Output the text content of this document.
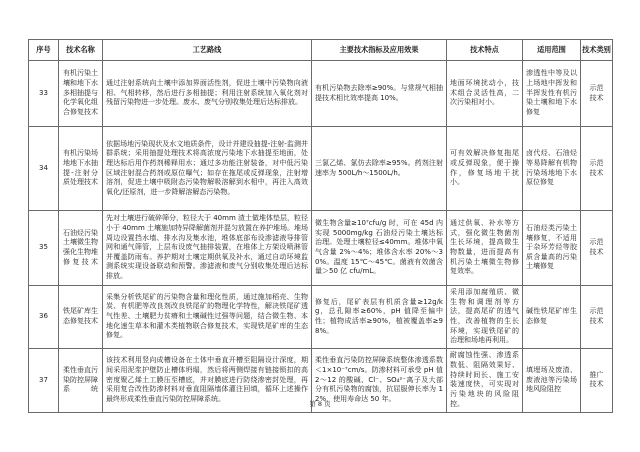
序号	技术名称	工艺路线	主要技术指标及应用效果	技术特点	适用范围	技术类别
33	有机污染土壤和地下水多相抽提与化学氧化组合修复技术	通过注射系统向土壤中添加界面活性剂，促进土壤中污染物向液相、气相转移，然后进行多相抽提；利用注射系统加入氧化剂对残留污染物进一步处理。废水、废气分别收集处理后达标排放。	有机污染物去除率≥90%。与常规气相抽提技术相比效率提高 10%。	地面环境扰动小，技术组合灵活性高，二次污染相对小。	渗透性中等及以上场地中挥发和半挥发性有机污染土壤和地下水修复	示范技术
34	有机污染场地地下水抽提-注射分质处理技术	依据场地污染现状及水文地质条件，设计并建设抽提-注射-监测井群系统；采用抽提处理技术将高浓度污染地下水抽提至地面，处理达标后用作药剂稀释用水；通过多功能注射装备，对中低污染区域注射混合药剂或原位曝气；如存在拖尾或反弹现象，注射增溶剂，促进土壤中吸附态污染物解吸溶解到水相中，再注入高效氧化/还原剂，进一步降解溶解态污染物。	三氯乙烯、氯仿去除率≥95%。药剂注射速率为 500L/h～1500L/h。	可有效解决修复拖尾或反弹现象，便于操作，修复场地干扰小。	卤代烃、石油烃等易降解有机物污染场地地下水原位修复	示范技术
35	石油烃污染土壤微生物强化生物堆修复技术	先对土壤进行破碎筛分，粒径大于 40mm 渣土做堆体垫层，粒径小于 40mm 土壤施加特异降解菌剂并混匀放置在养护堆场。堆场周边设置挡水墙、排水沟及集水池，堆体底部布设渗滤液导排管网和通气筛管，上层布设废气抽排装置，在堆体上方架设喷淋管并覆盖防雨布。养护期对土壤定期供氧及补水，通过自动环境监测系统实现设备联动和预警。渗滤液和废气分别收集处理后达标排放。	微生物含量≥10⁷cfu/g 时，可在 45d 内实现 5000mg/kg 石油烃污染土壤达标治理。处理土壤粒径≤40mm。堆体中氧气含量 2%～4%；堆体含水率 20%～30%。温度 15℃～45℃。菌液有效菌含量＞50 亿 cfu/mL。	通过供氧、补水等方式，强化微生物菌剂生长环境，提高微生物数量，进而提高有机污染土壤微生物修复效率。	石油烃类污染土壤修复，不适用于杂环芳烃等胶质含量高的污染土壤修复	示范技术
36	铁尾矿库生态修复技术	采集分析铁尾矿的污染物含量和理化性质，通过施加稻壳、生物炭、有机肥等改良剂改良铁尾矿的物理化学特性，解决铁尾矿透气性差、土壤肥力贫瘠和土壤碱性过强等问题，结合微生物、本地化速生草本和灌木类植物联合修复技术，实现铁尾矿库的生态修复。	修复后，尾矿表层有机质含量≥12g/kg，总孔隙率≥60%，pH 值降至偏中性；植物成活率≥90%，植被覆盖率≥98%。	采用添加腐殖质、微生物和调理剂等方法，提高尾矿的透气性，改善植物的生长环境，实现铁尾矿的治理和场地再利用。	碱性铁尾矿库生态修复	示范技术
37	柔性垂直污染防控屏障系统	该技术利用竖向成槽设备在土体中垂直开槽至阻隔设计深度，期间采用泥浆护壁防止槽体坍塌，然后将两侧焊接有链接锁扣的高密度聚乙烯土工膜压至槽底，并对膜底进行防绕渗密封处理，再采用复合改性防渗材料对垂直阻隔墙体灌注回填，循环上述操作最终形成柔性垂直污染防控屏障系统。	柔性垂直污染防控屏障系统整体渗透系数＜1×10⁻⁷cm/s。防渗材料可承受 pH 值 2～12 的酸碱、Cl⁻、SO₄²⁻离子及大部分有机污染物的腐蚀，抗屈服伸长率为 12%，使用寿命达 50 年。	耐腐蚀性强、渗透系数低、阻隔效果好、持续时间长、施工安装速度快，可实现对污染地块的风险阻控。	填埋场及废渣、废液池等污染场地风险阻控	推广技术
第 8 页
